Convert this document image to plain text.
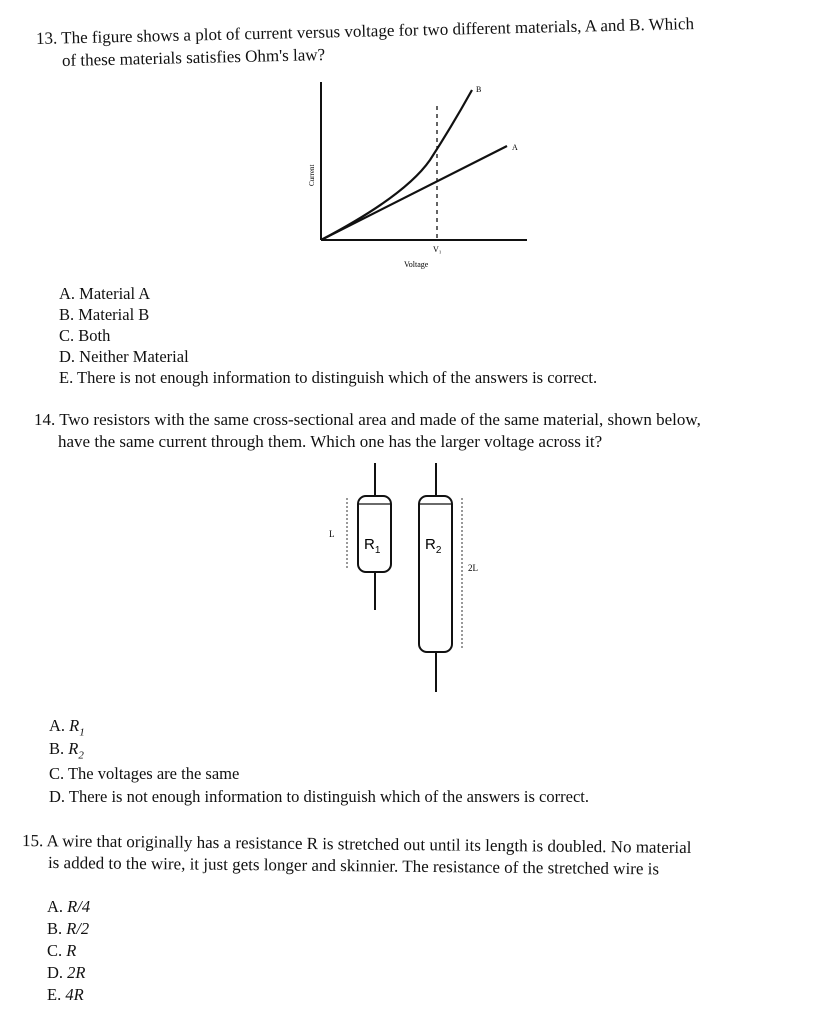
13. The figure shows a plot of current versus voltage for two different materials, A and B. Which
of these materials satisfies Ohm's law?
B
A
V₁
Voltage
Current
A. Material A
B. Material B
C. Both
D. Neither Material
E. There is not enough information to distinguish which of the answers is correct.
14. Two resistors with the same cross-sectional area and made of the same material, shown below,
have the same current through them. Which one has the larger voltage across it?
L
$R_1$
2L
$R_2$
A. $R_1$
B. $R_2$
C. The voltages are the same
D. There is not enough information to distinguish which of the answers is correct.
15. A wire that originally has a resistance R is stretched out until its length is doubled. No material
is added to the wire, it just gets longer and skinnier. The resistance of the stretched wire is
A. R/4
B. R/2
C. R
D. 2R
E. 4R
